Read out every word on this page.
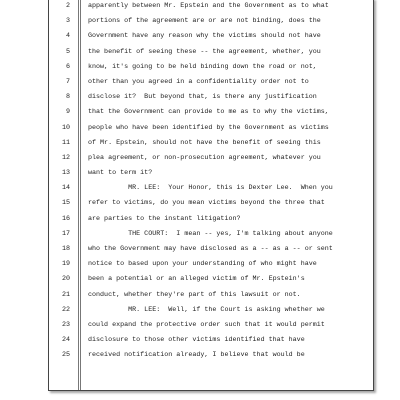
2	apparently between Mr. Epstein and the Government as to what
3	portions of the agreement are or are not binding, does the
4	Government have any reason why the victims should not have
5	the benefit of seeing these -- the agreement, whether, you
6	know, it's going to be held binding down the road or not,
7	other than you agreed in a confidentiality order not to
8	disclose it?  But beyond that, is there any justification
9	that the Government can provide to me as to why the victims,
10	people who have been identified by the Government as victims
11	of Mr. Epstein, should not have the benefit of seeing this
12	plea agreement, or non-prosecution agreement, whatever you
13	want to term it?
14	MR. LEE:  Your Honor, this is Dexter Lee.  When you
15	refer to victims, do you mean victims beyond the three that
16	are parties to the instant litigation?
17	THE COURT:  I mean -- yes, I'm talking about anyone
18	who the Government may have disclosed as a -- as a -- or sent
19	notice to based upon your understanding of who might have
20	been a potential or an alleged victim of Mr. Epstein's
21	conduct, whether they're part of this lawsuit or not.
22	MR. LEE:  Well, if the Court is asking whether we
23	could expand the protective order such that it would permit
24	disclosure to those other victims identified that have
25	received notification already, I believe that would be
